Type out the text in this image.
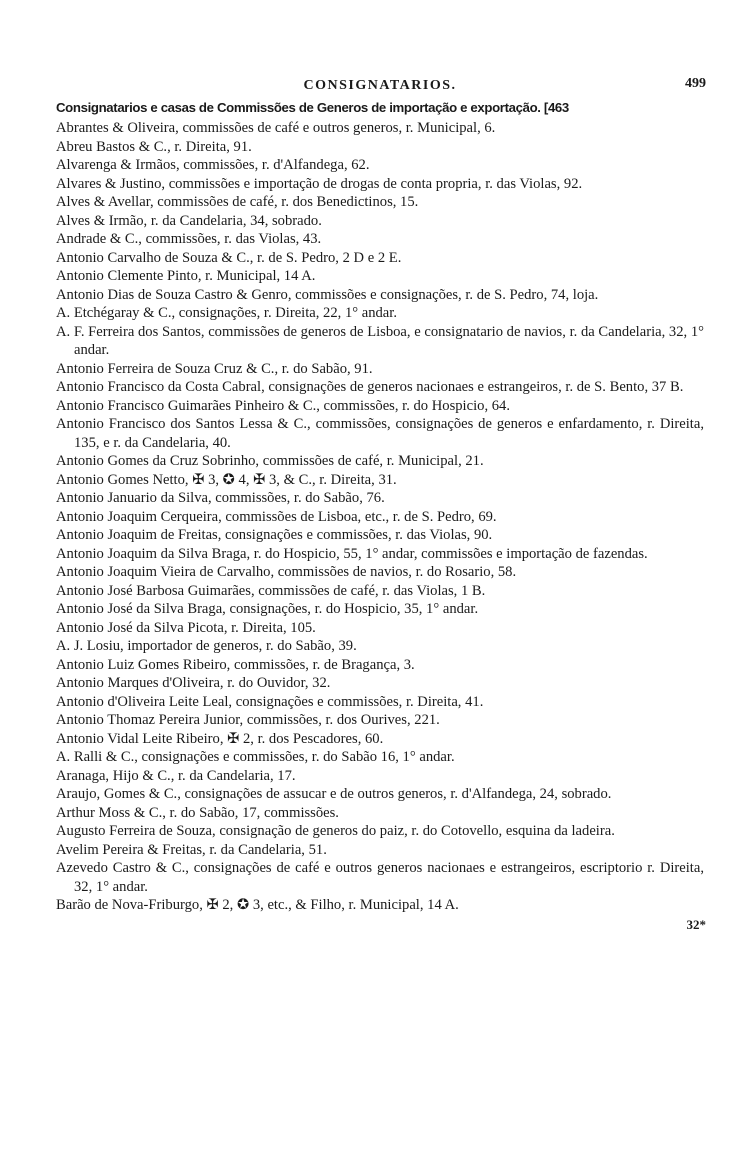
CONSIGNATARIOS.	499
Consignatarios e casas de Commissões de Generos de importação e exportação. [463

Abrantes & Oliveira, commissões de café e outros generos, r. Municipal, 6.

Abreu Bastos & C., r. Direita, 91.

Alvarenga & Irmãos, commissões, r. d'Alfandega, 62.

Alvares & Justino, commissões e importação de drogas de conta propria, r. das Violas, 92.

Alves & Avellar, commissões de café, r. dos Benedictinos, 15.

Alves & Irmão, r. da Candelaria, 34, sobrado.

Andrade & C., commissões, r. das Violas, 43.

Antonio Carvalho de Souza & C., r. de S. Pedro, 2 D e 2 E.

Antonio Clemente Pinto, r. Municipal, 14 A.

Antonio Dias de Souza Castro & Genro, commissões e consignações, r. de S. Pedro, 74, loja.

A. Etchégaray & C., consignações, r. Direita, 22, 1° andar.

A. F. Ferreira dos Santos, commissões de generos de Lisboa, e consignatario de navios, r. da Candelaria, 32, 1° andar.

Antonio Ferreira de Souza Cruz & C., r. do Sabão, 91.

Antonio Francisco da Costa Cabral, consignações de generos nacionaes e estrangeiros, r. de S. Bento, 37 B.

Antonio Francisco Guimarães Pinheiro & C., commissões, r. do Hospicio, 64.

Antonio Francisco dos Santos Lessa & C., commissões, consignações de generos e enfardamento, r. Direita, 135, e r. da Candelaria, 40.

Antonio Gomes da Cruz Sobrinho, commissões de café, r. Municipal, 21.

Antonio Gomes Netto, ✠ 3, ✪ 4, ✠ 3, & C., r. Direita, 31.

Antonio Januario da Silva, commissões, r. do Sabão, 76.

Antonio Joaquim Cerqueira, commissões de Lisboa, etc., r. de S. Pedro, 69.

Antonio Joaquim de Freitas, consignações e commissões, r. das Violas, 90.

Antonio Joaquim da Silva Braga, r. do Hospicio, 55, 1° andar, commissões e importação de fazendas.

Antonio Joaquim Vieira de Carvalho, commissões de navios, r. do Rosario, 58.

Antonio José Barbosa Guimarães, commissões de café, r. das Violas, 1 B.

Antonio José da Silva Braga, consignações, r. do Hospicio, 35, 1° andar.

Antonio José da Silva Picota, r. Direita, 105.

A. J. Losiu, importador de generos, r. do Sabão, 39.

Antonio Luiz Gomes Ribeiro, commissões, r. de Bragança, 3.

Antonio Marques d'Oliveira, r. do Ouvidor, 32.

Antonio d'Oliveira Leite Leal, consignações e commissões, r. Direita, 41.

Antonio Thomaz Pereira Junior, commissões, r. dos Ourives, 221.

Antonio Vidal Leite Ribeiro, ✠ 2, r. dos Pescadores, 60.

A. Ralli & C., consignações e commissões, r. do Sabão 16, 1° andar.

Aranaga, Hijo & C., r. da Candelaria, 17.

Araujo, Gomes & C., consignações de assucar e de outros generos, r. d'Alfandega, 24, sobrado.

Arthur Moss & C., r. do Sabão, 17, commissões.

Augusto Ferreira de Souza, consignação de generos do paiz, r. do Cotovello, esquina da ladeira.

Avelim Pereira & Freitas, r. da Candelaria, 51.

Azevedo Castro & C., consignações de café e outros generos nacionaes e estrangeiros, escriptorio r. Direita, 32, 1° andar.

Barão de Nova-Friburgo, ✠ 2, ✪ 3, etc., & Filho, r. Municipal, 14 A.

32*
